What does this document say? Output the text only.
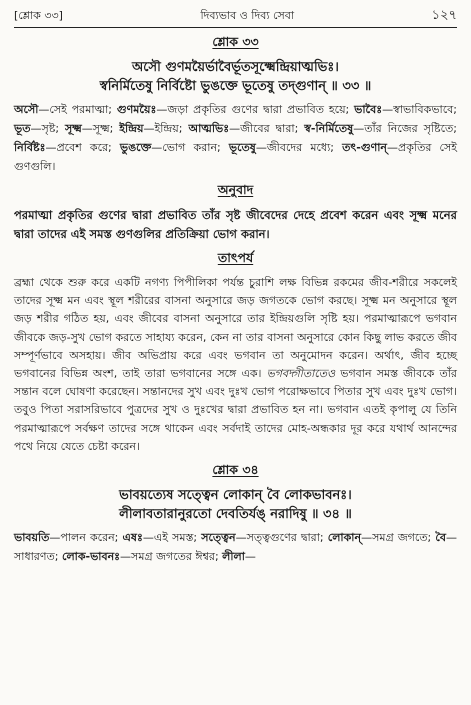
[শ্লোক ৩৩]	দিব্যভাব ও দিব্য সেবা	১২৭
শ্লোক ৩৩
অসৌ গুণময়ৈর্ভাবৈর্ভূতসূক্ষ্মেন্দ্রিয়াত্মভিঃ।
স্বনির্মিতেষু নির্বিষ্টো ভুঙক্তে ভূতেষু তদ্গুণান্ ॥ ৩৩ ॥
অসৌ—সেই পরমাত্মা; গুণময়ৈঃ—জড়া প্রকৃতির গুণের দ্বারা প্রভাবিত হয়ে; ভাবৈঃ—স্বাভাবিকভাবে; ভূত—সৃষ্ট; সূক্ষ্ম—সূক্ষ্ম; ইন্দ্রিয়—ইন্দ্রিয়; আত্মভিঃ—জীবের দ্বারা; স্ব-নির্মিতেষু—তাঁর নিজের সৃষ্টিতে; নির্বিষ্টঃ—প্রবেশ করে; ভুঙক্তে—ভোগ করান; ভূতেষু—জীবদের মধ্যে; তৎ-গুণান্—প্রকৃতির সেই গুণগুলি।
অনুবাদ
পরমাত্মা প্রকৃতির গুণের দ্বারা প্রভাবিত তাঁর সৃষ্ট জীবেদের দেহে প্রবেশ করেন এবং সূক্ষ্ম মনের দ্বারা তাদের এই সমস্ত গুণগুলির প্রতিক্রিয়া ভোগ করান।
তাৎপর্য
ব্রহ্মা থেকে শুরু করে একটি নগণ্য পিপীলিকা পর্যন্ত চুরাশি লক্ষ বিভিন্ন রকমের জীব-শরীরে সকলেই তাদের সূক্ষ্ম মন এবং স্থূল শরীরের বাসনা অনুসারে জড় জগতকে ভোগ করছে। সূক্ষ্ম মন অনুসারে স্থূল জড় শরীর গঠিত হয়, এবং জীবের বাসনা অনুসারে তার ইন্দ্রিয়গুলি সৃষ্টি হয়। পরমাত্মারূপে ভগবান জীবকে জড়-সুখ ভোগ করতে সাহায্য করেন, কেন না তার বাসনা অনুসারে কোন কিছু লাভ করতে জীব সম্পূর্ণভাবে অসহায়। জীব অভিপ্রায় করে এবং ভগবান তা অনুমোদন করেন। অর্থাৎ, জীব হচ্ছে ভগবানের বিভিন্ন অংশ, তাই তারা ভগবানের সঙ্গে এক। ভগবদ্গীতাতেও ভগবান সমস্ত জীবকে তাঁর সন্তান বলে ঘোষণা করেছেন। সন্তানদের সুখ এবং দুঃখ ভোগ পরোক্ষভাবে পিতার সুখ এবং দুঃখ ভোগ। তবুও পিতা সরাসরিভাবে পুত্রদের সুখ ও দুঃখের দ্বারা প্রভাবিত হন না। ভগবান এতই কৃপালু যে তিনি পরমাত্মারূপে সর্বক্ষণ তাদের সঙ্গে থাকেন এবং সর্বদাই তাদের মোহ-অন্ধকার দূর করে যথার্থ আনন্দের পথে নিয়ে যেতে চেষ্টা করেন।
শ্লোক ৩৪
ভাবয়ত্যেষ সত্ত্বেন লোকান্ বৈ লোকভাবনঃ।
লীলাবতারানুরতো দেবতির্যঙ্ নরাদিষু ॥ ৩৪ ॥
ভাবয়তি—পালন করেন; এষঃ—এই সমস্ত; সত্ত্বেন—সত্ত্বগুণের দ্বারা; লোকান্—সমগ্র জগতে; বৈ—সাধারণত; লোক-ভাবনঃ—সমগ্র জগতের ঈশ্বর; লীলা—
